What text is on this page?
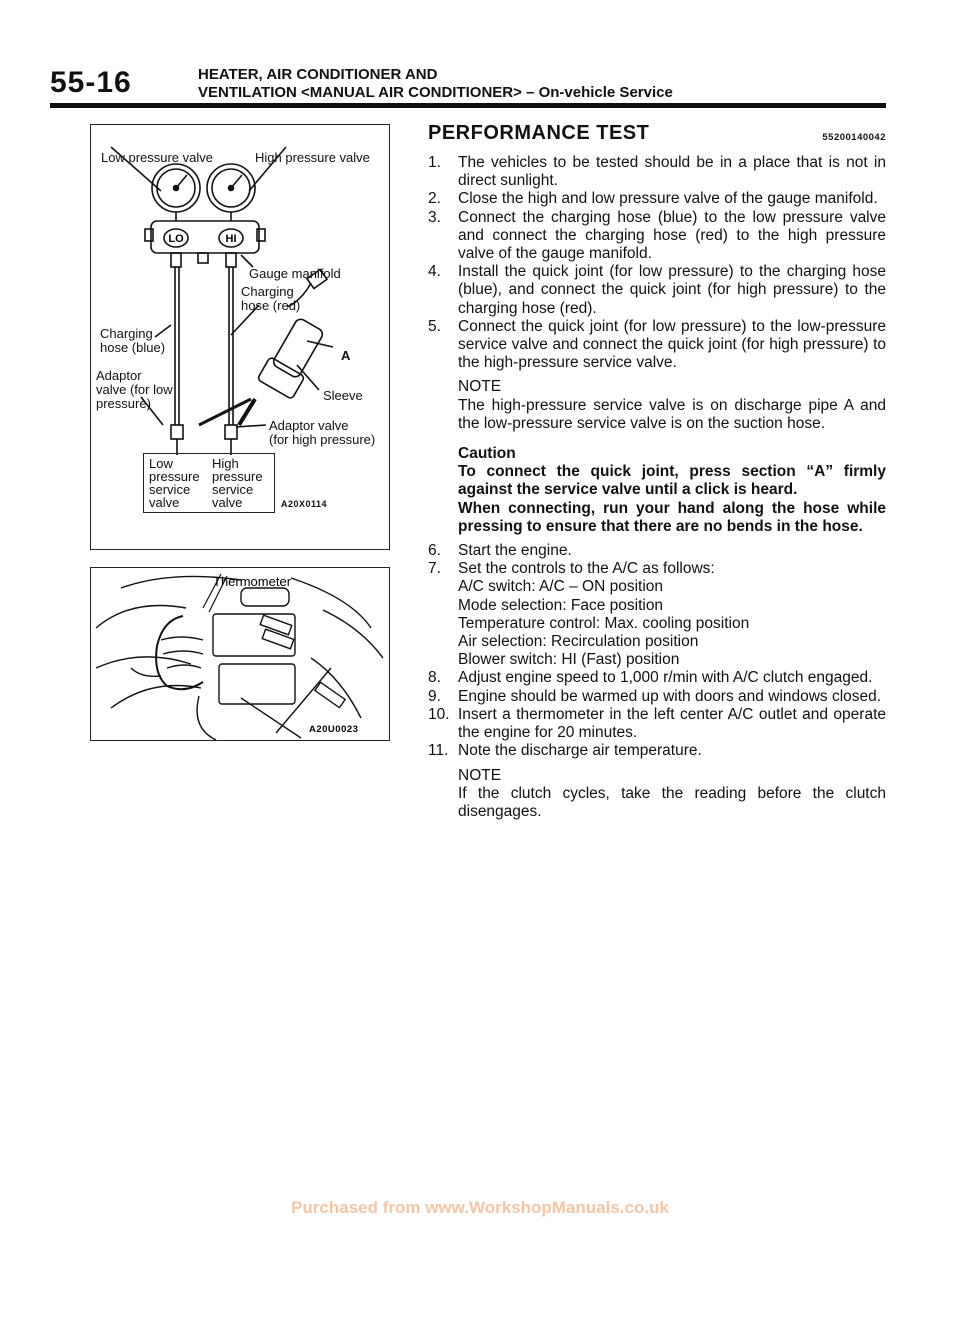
55-16	HEATER, AIR CONDITIONER AND
VENTILATION <MANUAL AIR CONDITIONER> – On-vehicle Service
LO	HI
Low pressure valve	High pressure valve
Gauge manifold
Charging
hose (red)
Charging
hose (blue)
A
Adaptor
valve (for low
pressure)
Sleeve
Adaptor valve
(for high pressure)
Low
pressure
service
valve
High
pressure
service
valve	A20X0114
Thermometer
A20U0023
PERFORMANCE TEST	55200140042
1. The vehicles to be tested should be in a place that is not in direct sunlight.
2. Close the high and low pressure valve of the gauge manifold.
3. Connect the charging hose (blue) to the low pressure valve and connect the charging hose (red) to the high pressure valve of the gauge manifold.
4. Install the quick joint (for low pressure) to the charging hose (blue), and connect the quick joint (for high pressure) to the charging hose (red).
5. Connect the quick joint (for low pressure) to the low-pressure service valve and connect the quick joint (for high pressure) to the high-pressure service valve.
NOTE
The high-pressure service valve is on discharge pipe A and the low-pressure service valve is on the suction hose.
Caution
To connect the quick joint, press section “A” firmly against the service valve until a click is heard.
When connecting, run your hand along the hose while pressing to ensure that there are no bends in the hose.
6. Start the engine.
7. Set the controls to the A/C as follows:
A/C switch: A/C – ON position
Mode selection: Face position
Temperature control: Max. cooling position
Air selection: Recirculation position
Blower switch: HI (Fast) position
8. Adjust engine speed to 1,000 r/min with A/C clutch engaged.
9. Engine should be warmed up with doors and windows closed.
10. Insert a thermometer in the left center A/C outlet and operate the engine for 20 minutes.
11. Note the discharge air temperature.
NOTE
If the clutch cycles, take the reading before the clutch disengages.
Purchased from www.WorkshopManuals.co.uk
